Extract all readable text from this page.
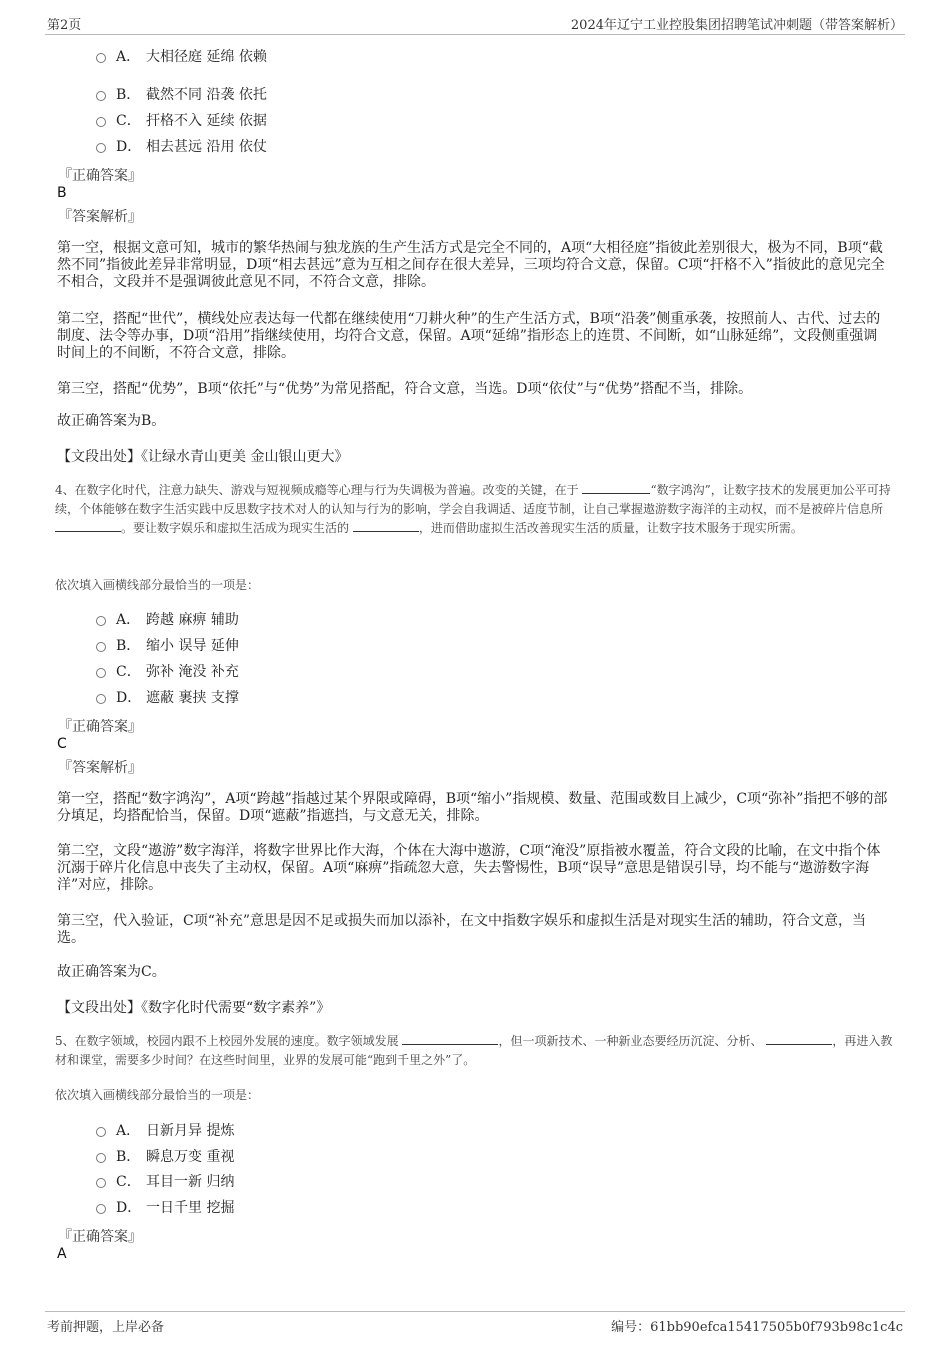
第2页	2024年辽宁工业控股集团招聘笔试冲刺题（带答案解析）
A． 大相径庭 延绵 依赖
B． 截然不同 沿袭 依托
C． 扞格不入 延续 依据
D． 相去甚远 沿用 依仗
『正确答案』
B
『答案解析』
第一空，根据文意可知，城市的繁华热闹与独龙族的生产生活方式是完全不同的，A项“大相径庭”指彼此差别很大，极为不同，B项“截然不同”指彼此差异非常明显，D项“相去甚远”意为互相之间存在很大差异，三项均符合文意，保留。C项“扞格不入”指彼此的意见完全不相合，文段并不是强调彼此意见不同，不符合文意，排除。
第二空，搭配“世代”，横线处应表达每一代都在继续使用“刀耕火种”的生产生活方式，B项“沿袭”侧重承袭，按照前人、古代、过去的制度、法令等办事，D项“沿用”指继续使用，均符合文意，保留。A项“延绵”指形态上的连贯、不间断，如“山脉延绵”，文段侧重强调时间上的不间断，不符合文意，排除。
第三空，搭配“优势”，B项“依托”与“优势”为常见搭配，符合文意，当选。D项“依仗”与“优势”搭配不当，排除。
故正确答案为B。
【文段出处】《让绿水青山更美 金山银山更大》
4、在数字化时代，注意力缺失、游戏与短视频成瘾等心理与行为失调极为普遍。改变的关键，在于	“数字鸿沟”，让数字技术的发展更加公平可持续，个体能够在数字生活实践中反思数字技术对人的认知与行为的影响，学会自我调适、适度节制，让自己掌握遨游数字海洋的主动权，而不是被碎片信息所 。要让数字娱乐和虚拟生活成为现实生活的	，进而借助虚拟生活改善现实生活的质量，让数字技术服务于现实所需。
依次填入画横线部分最恰当的一项是：
A． 跨越 麻痹 辅助
B． 缩小 误导 延伸
C． 弥补 淹没 补充
D． 遮蔽 裹挟 支撑
『正确答案』
C
『答案解析』
第一空，搭配“数字鸿沟”，A项“跨越”指越过某个界限或障碍，B项“缩小”指规模、数量、范围或数目上减少，C项“弥补”指把不够的部分填足，均搭配恰当，保留。D项“遮蔽”指遮挡，与文意无关，排除。
第二空，文段“遨游”数字海洋，将数字世界比作大海，个体在大海中遨游，C项“淹没”原指被水覆盖，符合文段的比喻，在文中指个体沉溺于碎片化信息中丧失了主动权，保留。A项“麻痹”指疏忽大意，失去警惕性，B项“误导”意思是错误引导，均不能与“遨游数字海洋”对应，排除。
第三空，代入验证，C项“补充”意思是因不足或损失而加以添补，在文中指数字娱乐和虚拟生活是对现实生活的辅助，符合文意，当选。
故正确答案为C。
【文段出处】《数字化时代需要“数字素养”》
5、在数字领域，校园内跟不上校园外发展的速度。数字领域发展	，但一项新技术、一种新业态要经历沉淀、分析、	，再进入教材和课堂，需要多少时间？在这些时间里，业界的发展可能“跑到千里之外”了。
依次填入画横线部分最恰当的一项是：
A． 日新月异 提炼
B． 瞬息万变 重视
C． 耳目一新 归纳
D． 一日千里 挖掘
『正确答案』
A
考前押题，上岸必备	编号：61bb90efca15417505b0f793b98c1c4c
